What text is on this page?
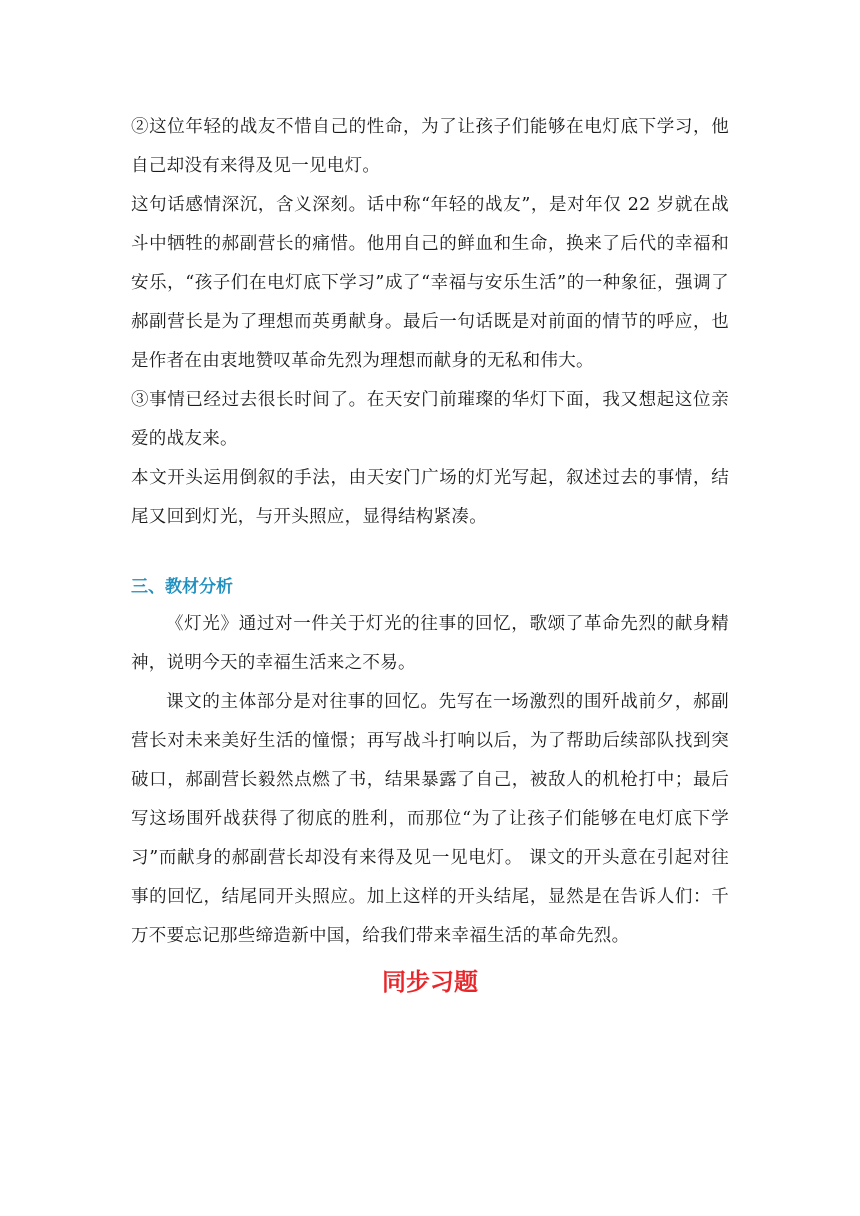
②这位年轻的战友不惜自己的性命，为了让孩子们能够在电灯底下学习，他自己却没有来得及见一见电灯。

这句话感情深沉，含义深刻。话中称“年轻的战友”，是对年仅 22 岁就在战斗中牺牲的郝副营长的痛惜。他用自己的鲜血和生命，换来了后代的幸福和安乐，“孩子们在电灯底下学习”成了“幸福与安乐生活”的一种象征，强调了郝副营长是为了理想而英勇献身。最后一句话既是对前面的情节的呼应，也是作者在由衷地赞叹革命先烈为理想而献身的无私和伟大。

③事情已经过去很长时间了。在天安门前璀璨的华灯下面，我又想起这位亲爱的战友来。

本文开头运用倒叙的手法，由天安门广场的灯光写起，叙述过去的事情，结尾又回到灯光，与开头照应，显得结构紧凑。

三、教材分析

《灯光》通过对一件关于灯光的往事的回忆，歌颂了革命先烈的献身精神，说明今天的幸福生活来之不易。

课文的主体部分是对往事的回忆。先写在一场激烈的围歼战前夕，郝副营长对未来美好生活的憧憬；再写战斗打响以后，为了帮助后续部队找到突破口，郝副营长毅然点燃了书，结果暴露了自己，被敌人的机枪打中；最后写这场围歼战获得了彻底的胜利，而那位“为了让孩子们能够在电灯底下学习”而献身的郝副营长却没有来得及见一见电灯。 课文的开头意在引起对往事的回忆，结尾同开头照应。加上这样的开头结尾，显然是在告诉人们：千万不要忘记那些缔造新中国，给我们带来幸福生活的革命先烈。

同步习题
